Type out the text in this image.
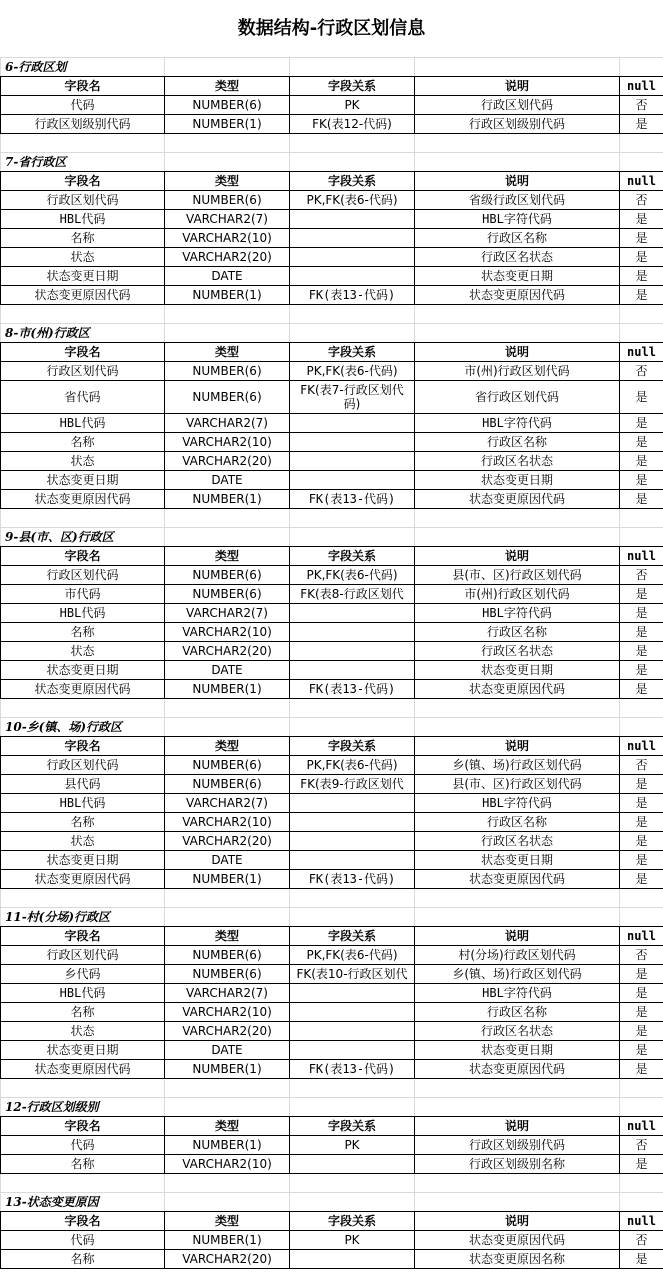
数据结构-行政区划信息
6-行政区划				
字段名	类型	字段关系	说明	null
代码	NUMBER(6)	PK	行政区划代码	否
行政区划级别代码	NUMBER(1)	FK(表12-代码)	行政区划级别代码	是

7-省行政区				
字段名	类型	字段关系	说明	null
行政区划代码	NUMBER(6)	PK,FK(表6-代码)	省级行政区划代码	否
HBL代码	VARCHAR2(7)		HBL字符代码	是
名称	VARCHAR2(10)		行政区名称	是
状态	VARCHAR2(20)		行政区名状态	是
状态变更日期	DATE		状态变更日期	是
状态变更原因代码	NUMBER(1)	FK(表13-代码)	状态变更原因代码	是

8-市(州)行政区				
字段名	类型	字段关系	说明	null
行政区划代码	NUMBER(6)	PK,FK(表6-代码)	市(州)行政区划代码	否
省代码	NUMBER(6)	FK(表7-行政区划代码)	省行政区划代码	是
HBL代码	VARCHAR2(7)		HBL字符代码	是
名称	VARCHAR2(10)		行政区名称	是
状态	VARCHAR2(20)		行政区名状态	是
状态变更日期	DATE		状态变更日期	是
状态变更原因代码	NUMBER(1)	FK(表13-代码)	状态变更原因代码	是

9-县(市、区)行政区				
字段名	类型	字段关系	说明	null
行政区划代码	NUMBER(6)	PK,FK(表6-代码)	县(市、区)行政区划代码	否
市代码	NUMBER(6)	FK(表8-行政区划代	市(州)行政区划代码	是
HBL代码	VARCHAR2(7)		HBL字符代码	是
名称	VARCHAR2(10)		行政区名称	是
状态	VARCHAR2(20)		行政区名状态	是
状态变更日期	DATE		状态变更日期	是
状态变更原因代码	NUMBER(1)	FK(表13-代码)	状态变更原因代码	是

10-乡(镇、场)行政区				
字段名	类型	字段关系	说明	null
行政区划代码	NUMBER(6)	PK,FK(表6-代码)	乡(镇、场)行政区划代码	否
县代码	NUMBER(6)	FK(表9-行政区划代	县(市、区)行政区划代码	是
HBL代码	VARCHAR2(7)		HBL字符代码	是
名称	VARCHAR2(10)		行政区名称	是
状态	VARCHAR2(20)		行政区名状态	是
状态变更日期	DATE		状态变更日期	是
状态变更原因代码	NUMBER(1)	FK(表13-代码)	状态变更原因代码	是

11-村(分场)行政区				
字段名	类型	字段关系	说明	null
行政区划代码	NUMBER(6)	PK,FK(表6-代码)	村(分场)行政区划代码	否
乡代码	NUMBER(6)	FK(表10-行政区划代	乡(镇、场)行政区划代码	是
HBL代码	VARCHAR2(7)		HBL字符代码	是
名称	VARCHAR2(10)		行政区名称	是
状态	VARCHAR2(20)		行政区名状态	是
状态变更日期	DATE		状态变更日期	是
状态变更原因代码	NUMBER(1)	FK(表13-代码)	状态变更原因代码	是

12-行政区划级别				
字段名	类型	字段关系	说明	null
代码	NUMBER(1)	PK	行政区划级别代码	否
名称	VARCHAR2(10)		行政区划级别名称	是

13-状态变更原因				
字段名	类型	字段关系	说明	null
代码	NUMBER(1)	PK	状态变更原因代码	否
名称	VARCHAR2(20)		状态变更原因名称	是
